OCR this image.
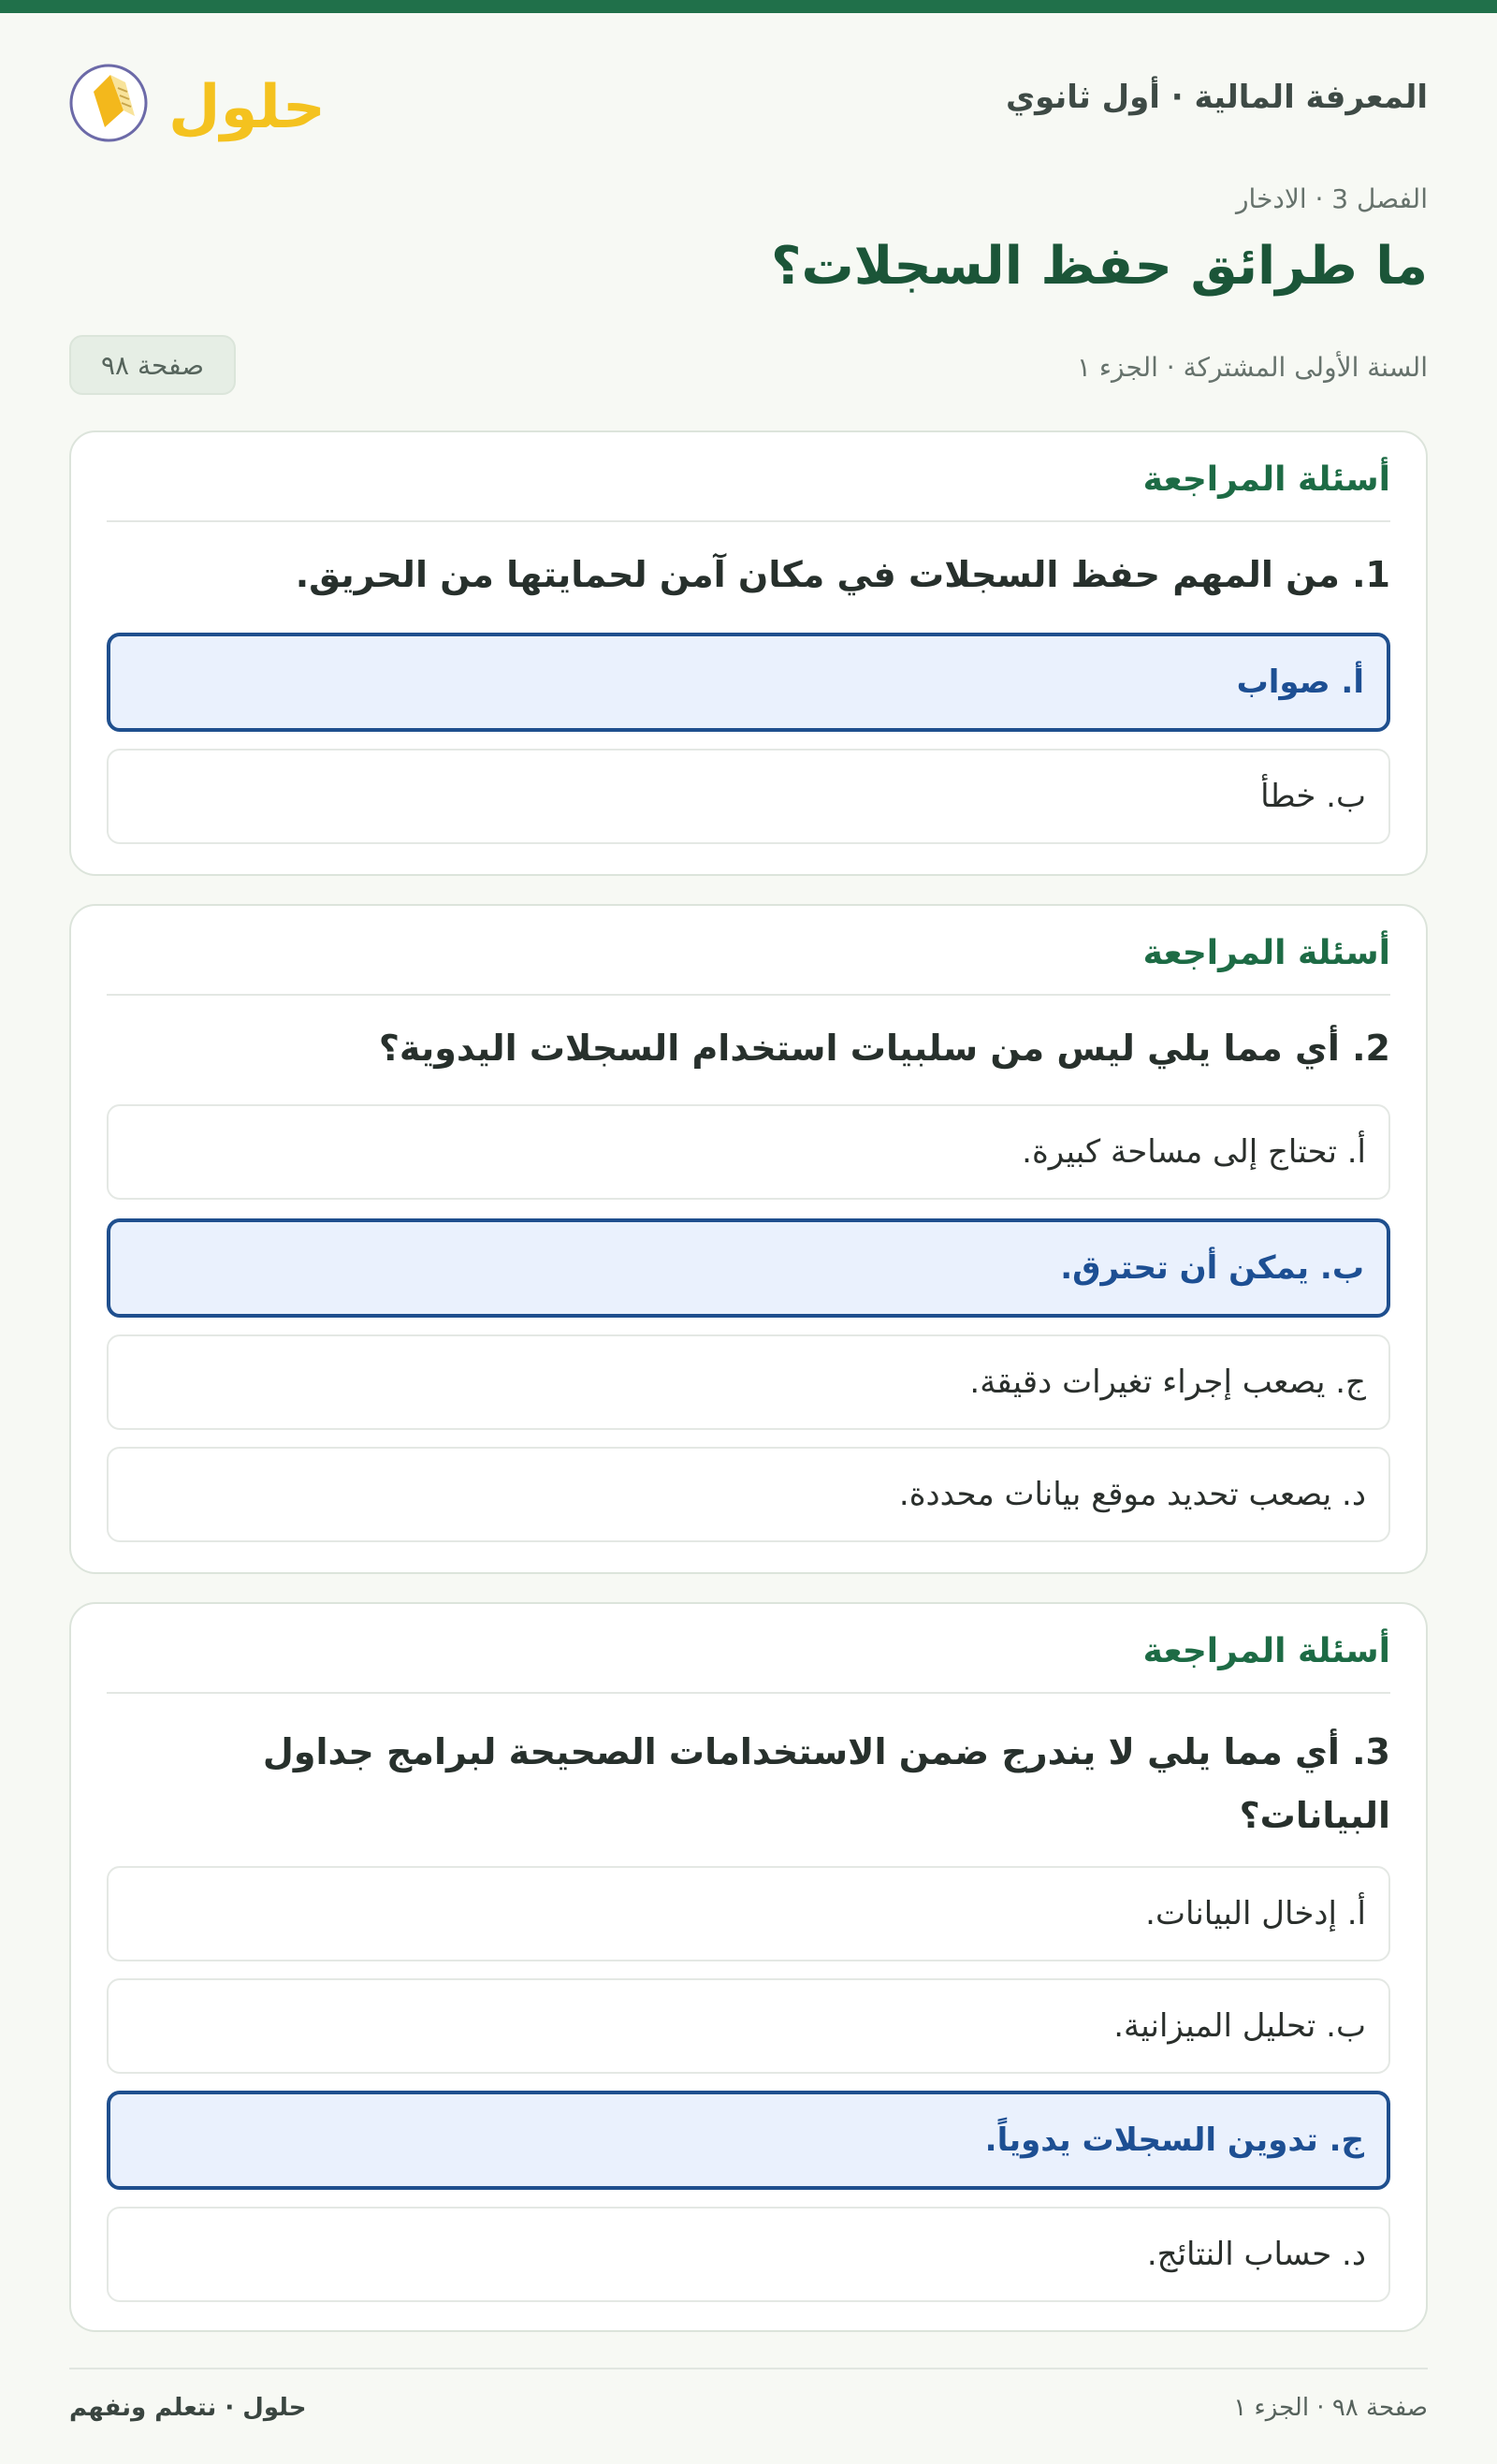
المعرفة المالية · أول ثانوي
حلول
الفصل 3 · الادخار
ما طرائق حفظ السجلات؟
السنة الأولى المشتركة · الجزء ١
صفحة ٩٨
أسئلة المراجعة

1. من المهم حفظ السجلات في مكان آمن لحمايتها من الحريق.

أ. صواب
ب. خطأ
أسئلة المراجعة

2. أي مما يلي ليس من سلبيات استخدام السجلات اليدوية؟

أ. تحتاج إلى مساحة كبيرة.
ب. يمكن أن تحترق.
ج. يصعب إجراء تغيرات دقيقة.
د. يصعب تحديد موقع بيانات محددة.
أسئلة المراجعة

3. أي مما يلي لا يندرج ضمن الاستخدامات الصحيحة لبرامج جداول البيانات؟

أ. إدخال البيانات.
ب. تحليل الميزانية.
ج. تدوين السجلات يدوياً.
د. حساب النتائج.
صفحة ٩٨ · الجزء ١
حلول · نتعلم ونفهم
